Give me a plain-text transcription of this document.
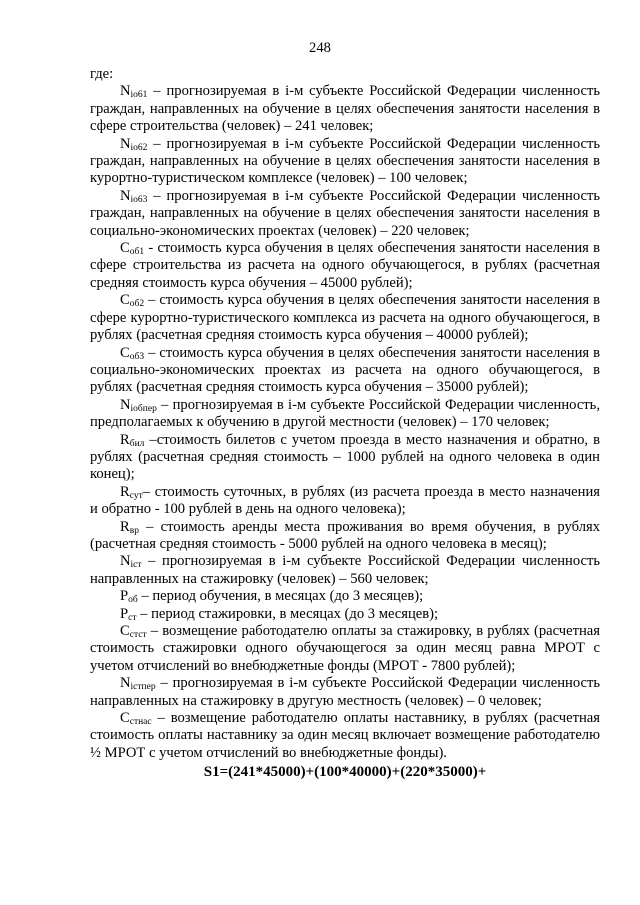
248

где:

$N_{io61}$ – прогнозируемая в i-м субъекте Российской Федерации численность граждан, направленных на обучение в целях обеспечения занятости населения в сфере строительства (человек) – 241 человек;

$N_{io62}$ – прогнозируемая в i-м субъекте Российской Федерации численность граждан, направленных на обучение в целях обеспечения занятости населения в курортно-туристическом комплексе (человек) – 100 человек;

$N_{io63}$ – прогнозируемая в i-м субъекте Российской Федерации численность граждан, направленных на обучение в целях обеспечения занятости населения в социально-экономических проектах (человек) – 220 человек;

$C_{об1}$ - стоимость курса обучения в целях обеспечения занятости населения в сфере строительства из расчета на одного обучающегося, в рублях (расчетная средняя стоимость курса обучения – 45000 рублей);

$C_{об2}$ – стоимость курса обучения в целях обеспечения занятости населения в сфере курортно-туристического комплекса из расчета на одного обучающегося, в рублях (расчетная средняя стоимость курса обучения – 40000 рублей);

$C_{об3}$ – стоимость курса обучения в целях обеспечения занятости населения в социально-экономических проектах из расчета на одного обучающегося, в рублях (расчетная средняя стоимость курса обучения – 35000 рублей);

$N_{iобпер}$ – прогнозируемая в i-м субъекте Российской Федерации численность, предполагаемых к обучению в другой местности (человек) – 170 человек;

$R_{бил}$ –стоимость билетов с учетом проезда в место назначения и обратно, в рублях (расчетная средняя стоимость – 1000 рублей на одного человека в один конец);

$R_{сут}-$ стоимость суточных, в рублях (из расчета проезда в место назначения и обратно - 100 рублей в день на одного человека);

$R_{вр}$ – стоимость аренды места проживания во время обучения, в рублях (расчетная средняя стоимость - 5000 рублей на одного человека в месяц);

$N_{iст}$ – прогнозируемая в i-м субъекте Российской Федерации численность направленных на стажировку (человек) – 560 человек;

$P_{об}$ – период обучения, в месяцах (до 3 месяцев);

$P_{ст}$ – период стажировки, в месяцах (до 3 месяцев);

$C_{стст}$ – возмещение работодателю оплаты за стажировку, в рублях (расчетная стоимость стажировки одного обучающегося за один месяц равна МРОТ с учетом отчислений во внебюджетные фонды (МРОТ - 7800 рублей);

$N_{iстпер}$ – прогнозируемая в i-м субъекте Российской Федерации численность направленных на стажировку в другую местность (человек) – 0 человек;

$C_{стнас}$ – возмещение работодателю оплаты наставнику, в рублях (расчетная стоимость оплаты наставнику за один месяц включает возмещение работодателю ½ МРОТ с учетом отчислений во внебюджетные фонды).

S1=(241*45000)+(100*40000)+(220*35000)+
